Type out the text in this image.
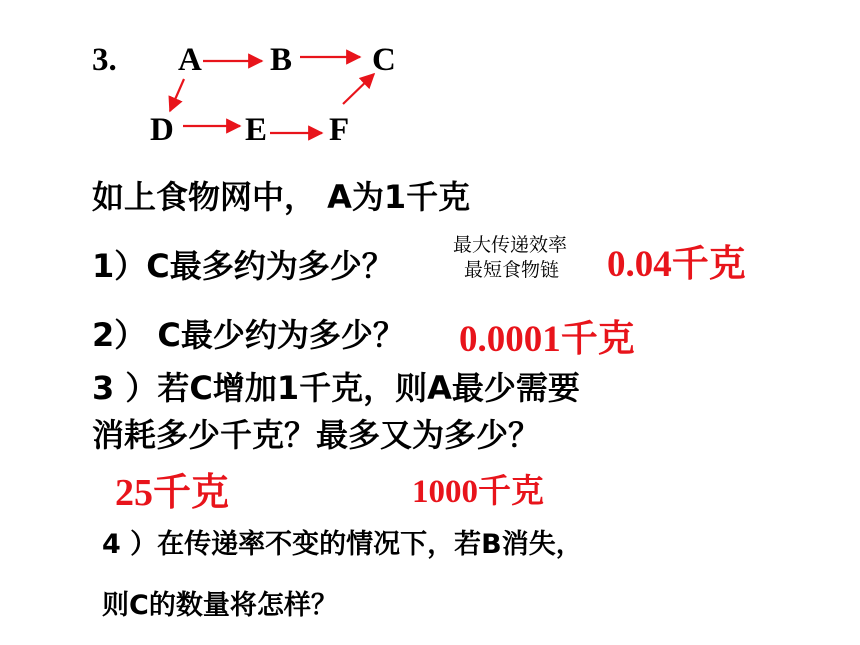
3. A B C
D E F
如上食物网中， A为1千克
1）C最多约为多少？
最大传递效率
最短食物链 0.04千克
2） C最少约为多少？ 0.0001千克
3 ）若C增加1千克，则A最少需要
消耗多少千克？最多又为多少？
25千克	1000千克
4 ）在传递率不变的情况下，若B消失，
则C的数量将怎样？
